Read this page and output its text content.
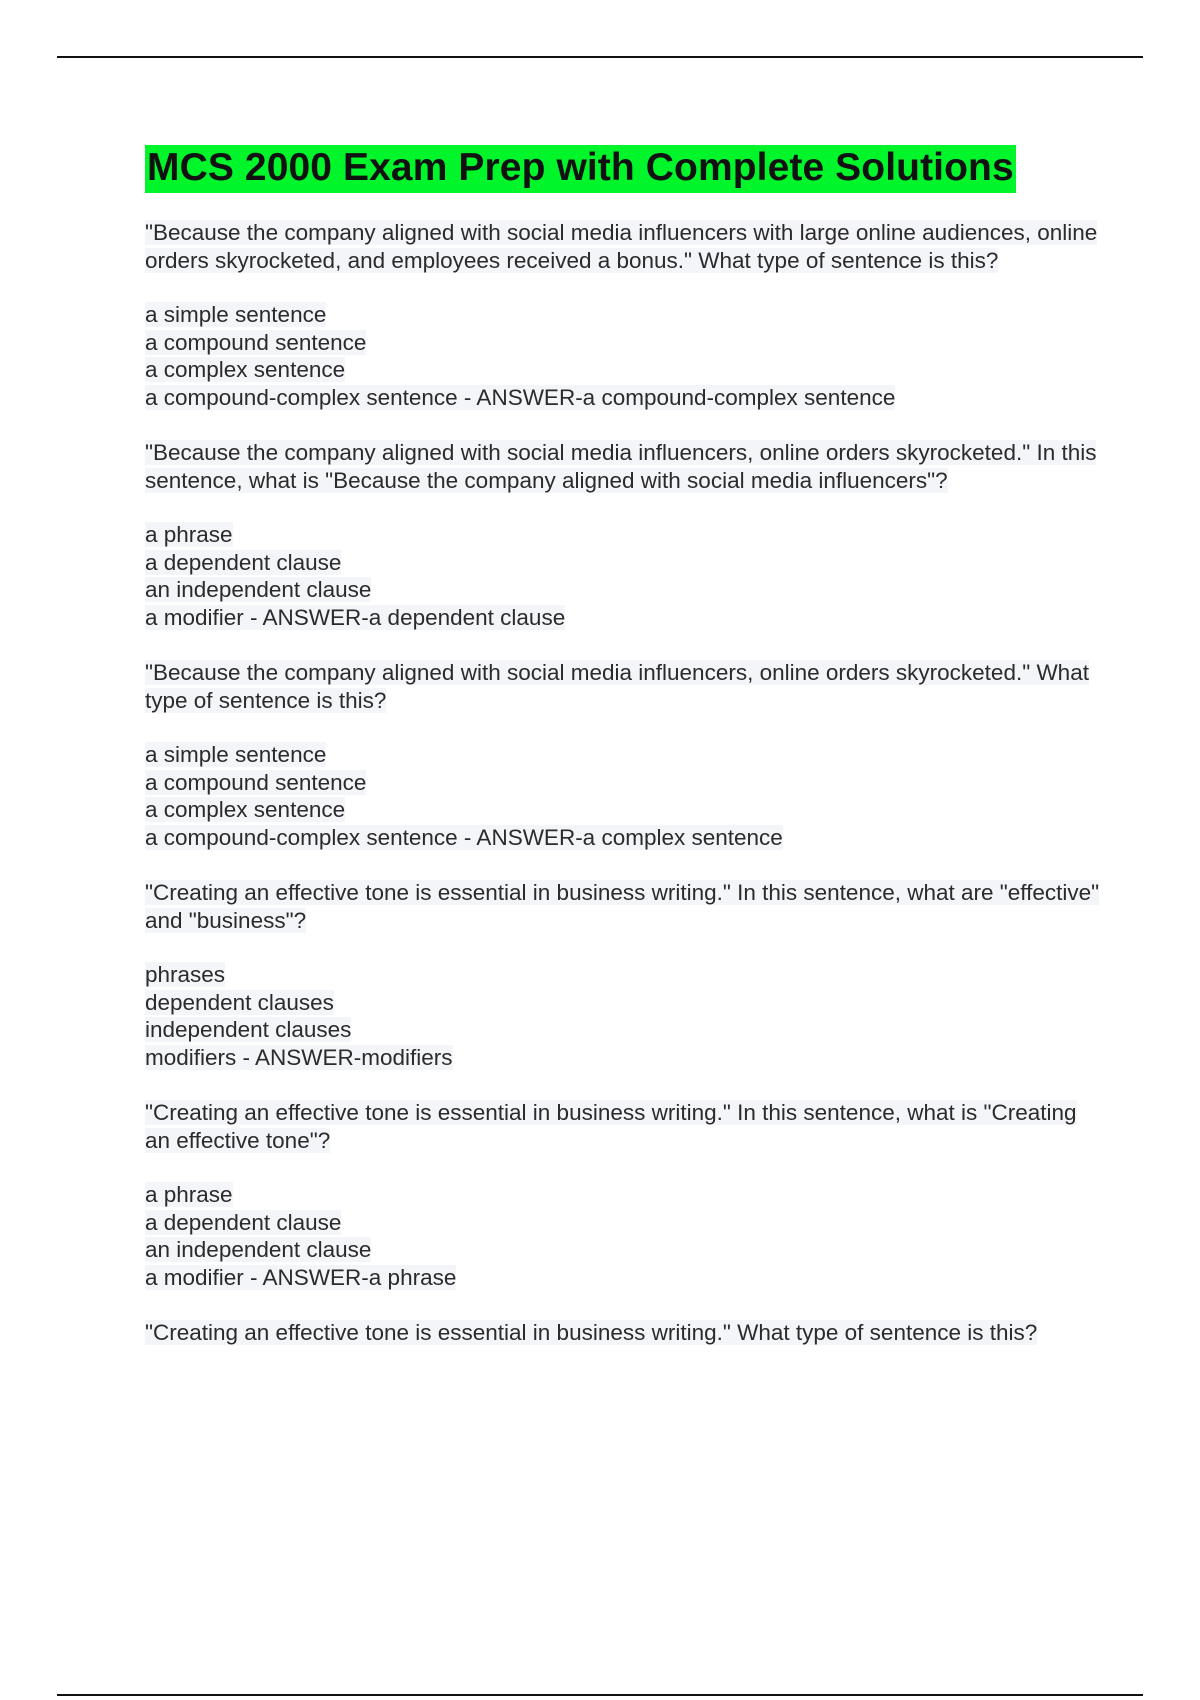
MCS 2000 Exam Prep with Complete Solutions

"Because the company aligned with social media influencers with large online audiences, online orders skyrocketed, and employees received a bonus." What type of sentence is this?

a simple sentence
a compound sentence
a complex sentence
a compound-complex sentence - ANSWER-a compound-complex sentence

"Because the company aligned with social media influencers, online orders skyrocketed." In this sentence, what is "Because the company aligned with social media influencers"?

a phrase
a dependent clause
an independent clause
a modifier - ANSWER-a dependent clause

"Because the company aligned with social media influencers, online orders skyrocketed." What type of sentence is this?

a simple sentence
a compound sentence
a complex sentence
a compound-complex sentence - ANSWER-a complex sentence

"Creating an effective tone is essential in business writing." In this sentence, what are "effective" and "business"?

phrases
dependent clauses
independent clauses
modifiers - ANSWER-modifiers

"Creating an effective tone is essential in business writing." In this sentence, what is "Creating an effective tone"?

a phrase
a dependent clause
an independent clause
a modifier - ANSWER-a phrase

"Creating an effective tone is essential in business writing." What type of sentence is this?
